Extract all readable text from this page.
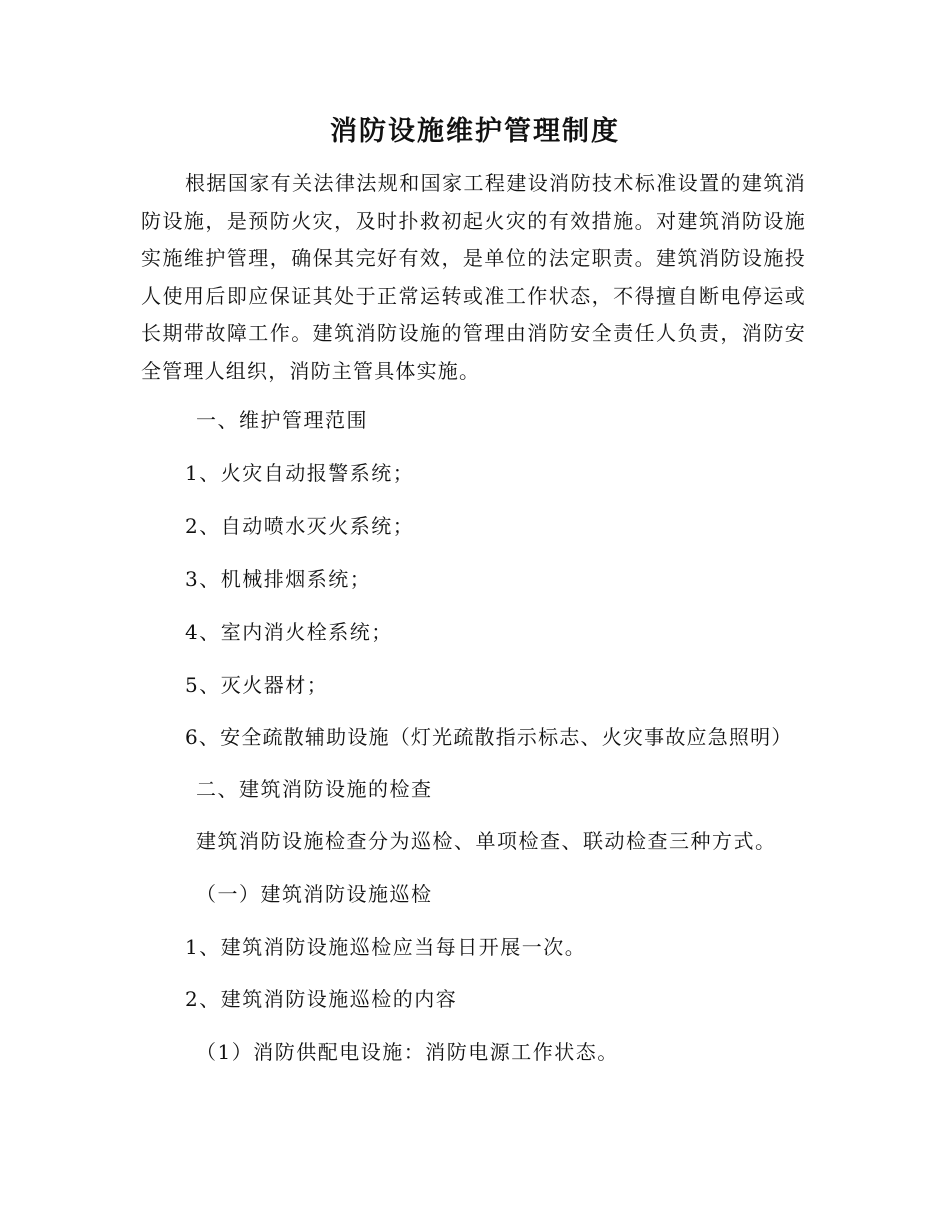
消防设施维护管理制度

根据国家有关法律法规和国家工程建设消防技术标准设置的建筑消防设施，是预防火灾，及时扑救初起火灾的有效措施。对建筑消防设施实施维护管理，确保其完好有效，是单位的法定职责。建筑消防设施投人使用后即应保证其处于正常运转或准工作状态，不得擅自断电停运或长期带故障工作。建筑消防设施的管理由消防安全责任人负责，消防安全管理人组织，消防主管具体实施。

一、维护管理范围
1、火灾自动报警系统；
2、自动喷水灭火系统；
3、机械排烟系统；
4、室内消火栓系统；
5、灭火器材；
6、安全疏散辅助设施（灯光疏散指示标志、火灾事故应急照明）
二、建筑消防设施的检查
建筑消防设施检查分为巡检、单项检查、联动检查三种方式。
（一）建筑消防设施巡检
1、建筑消防设施巡检应当每日开展一次。
2、建筑消防设施巡检的内容
（1）消防供配电设施：消防电源工作状态。
